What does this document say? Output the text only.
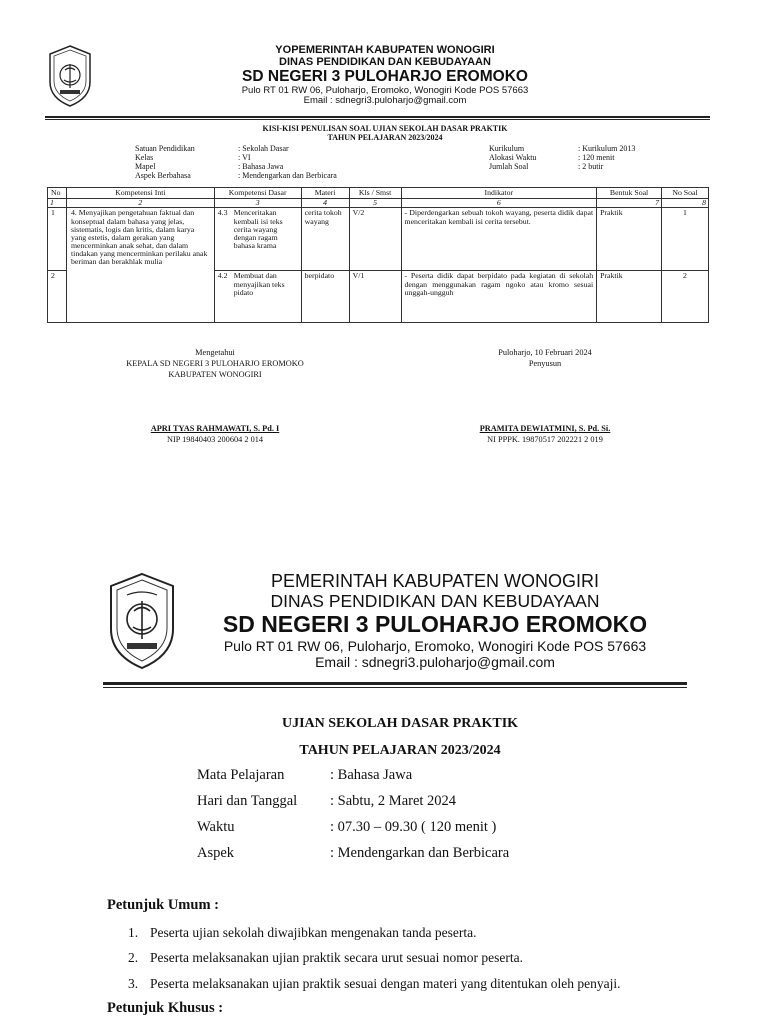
YOPEMERINTAH KABUPATEN WONOGIRI
DINAS PENDIDIKAN DAN KEBUDAYAAN
SD NEGERI 3 PULOHARJO EROMOKO
Pulo RT 01 RW 06, Puloharjo, Eromoko, Wonogiri Kode POS 57663
Email : sdnegri3.puloharjo@gmail.com
KISI-KISI PENULISAN SOAL UJIAN SEKOLAH DASAR PRAKTIK
TAHUN PELAJARAN 2023/2024
Satuan Pendidikan	: Sekolah Dasar
Kelas	: VI
Mapel	: Bahasa Jawa
Aspek Berbahasa	: Mendengarkan dan Berbicara
Kurikulum	: Kurikulum 2013
Alokasi Waktu	: 120 menit
Jumlah Soal	: 2 butir
No	Kompetensi Inti	Kompetensi Dasar	Materi	Kls / Smst	Indikator	Bentuk Soal	No Soal
1	2	3	4	5	6	7	8
1	4. Menyajikan pengetahuan faktual dan konseptual dalam bahasa yang jelas, sistematis, logis dan kritis, dalam karya yang estetis, dalam gerakan yang mencerminkan anak sehat, dan dalam tindakan yang mencerminkan perilaku anak beriman dan berakhlak mulia	4.3 Menceritakan kembali isi teks cerita wayang dengan ragam bahasa krama	cerita tokoh wayang	V/2	- Diperdengarkan sebuah tokoh wayang, peserta didik dapat menceritakan kembali isi cerita tersebut.	Praktik	1
2		4.2 Membuat dan menyajikan teks pidato	berpidato	V/1	- Peserta didik dapat berpidato pada kegiatan di sekolah dengan menggunakan ragam ngoko atau kromo sesuai unggah-ungguh	Praktik	2
Mengetahui
KEPALA SD NEGERI 3 PULOHARJO EROMOKO
KABUPATEN WONOGIRI
APRI TYAS RAHMAWATI, S. Pd. I
NIP 19840403 200604 2 014
Puloharjo, 10 Februari 2024
Penyusun
PRAMITA DEWIATMINI, S. Pd. Si.
NI PPPK. 19870517 202221 2 019
PEMERINTAH KABUPATEN WONOGIRI
DINAS PENDIDIKAN DAN KEBUDAYAAN
SD NEGERI 3 PULOHARJO EROMOKO
Pulo RT 01 RW 06, Puloharjo, Eromoko, Wonogiri Kode POS 57663
Email : sdnegri3.puloharjo@gmail.com
UJIAN SEKOLAH DASAR PRAKTIK
TAHUN PELAJARAN 2023/2024
Mata Pelajaran	: Bahasa Jawa
Hari dan Tanggal : Sabtu, 2 Maret 2024
Waktu	: 07.30 – 09.30 ( 120 menit )
Aspek	: Mendengarkan dan Berbicara
Petunjuk Umum :
1. Peserta ujian sekolah diwajibkan mengenakan tanda peserta.
2. Peserta melaksanakan ujian praktik secara urut sesuai nomor peserta.
3. Peserta melaksanakan ujian praktik sesuai dengan materi yang ditentukan oleh penyaji.
Petunjuk Khusus :
